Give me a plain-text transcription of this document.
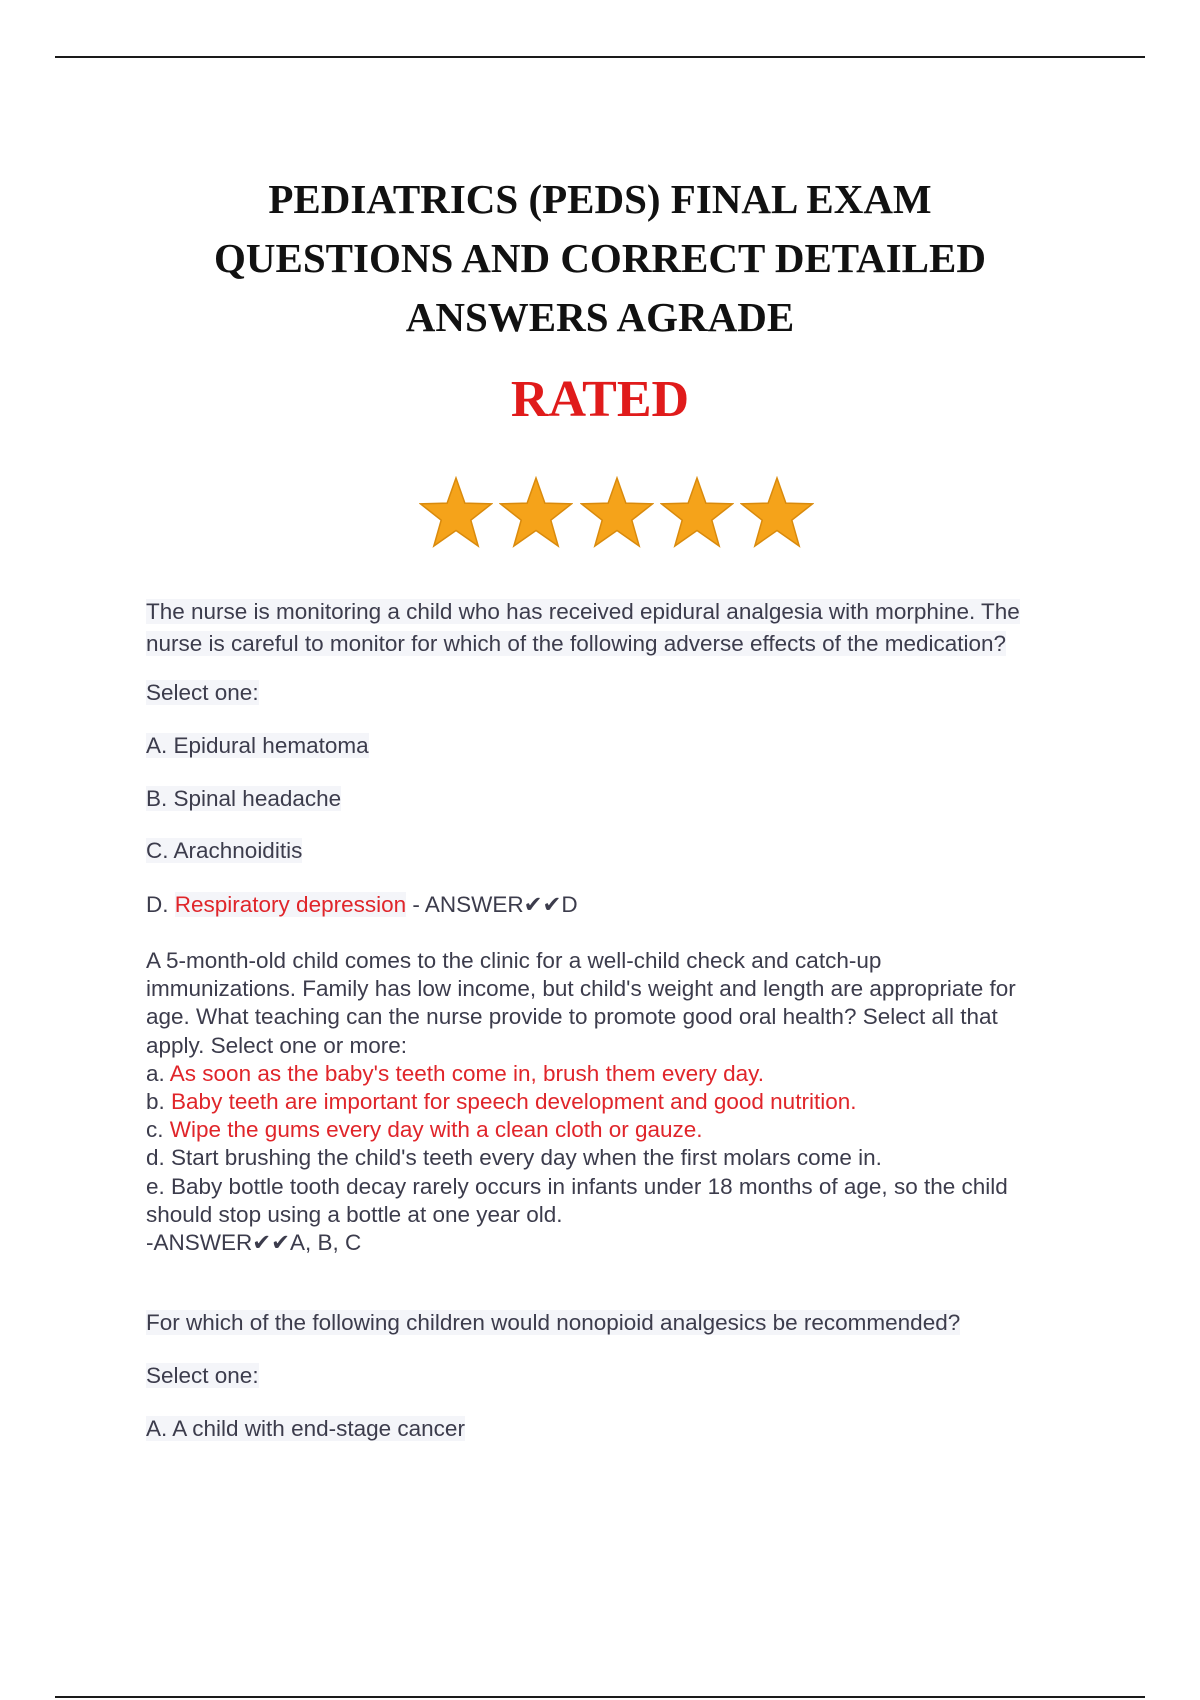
PEDIATRICS (PEDS) FINAL EXAM
QUESTIONS AND CORRECT DETAILED
ANSWERS AGRADE
RATED

The nurse is monitoring a child who has received epidural analgesia with morphine. The
nurse is careful to monitor for which of the following adverse effects of the medication?
Select one:
A. Epidural hematoma
B. Spinal headache
C. Arachnoiditis
D. Respiratory depression - ANSWER✔✔D
A 5-month-old child comes to the clinic for a well-child check and catch-up
immunizations. Family has low income, but child's weight and length are appropriate for
age. What teaching can the nurse provide to promote good oral health? Select all that
apply. Select one or more:
a. As soon as the baby's teeth come in, brush them every day.
b. Baby teeth are important for speech development and good nutrition.
c. Wipe the gums every day with a clean cloth or gauze.
d. Start brushing the child's teeth every day when the first molars come in.
e. Baby bottle tooth decay rarely occurs in infants under 18 months of age, so the child
should stop using a bottle at one year old.
-ANSWER✔✔A, B, C
For which of the following children would nonopioid analgesics be recommended?
Select one:
A. A child with end-stage cancer
